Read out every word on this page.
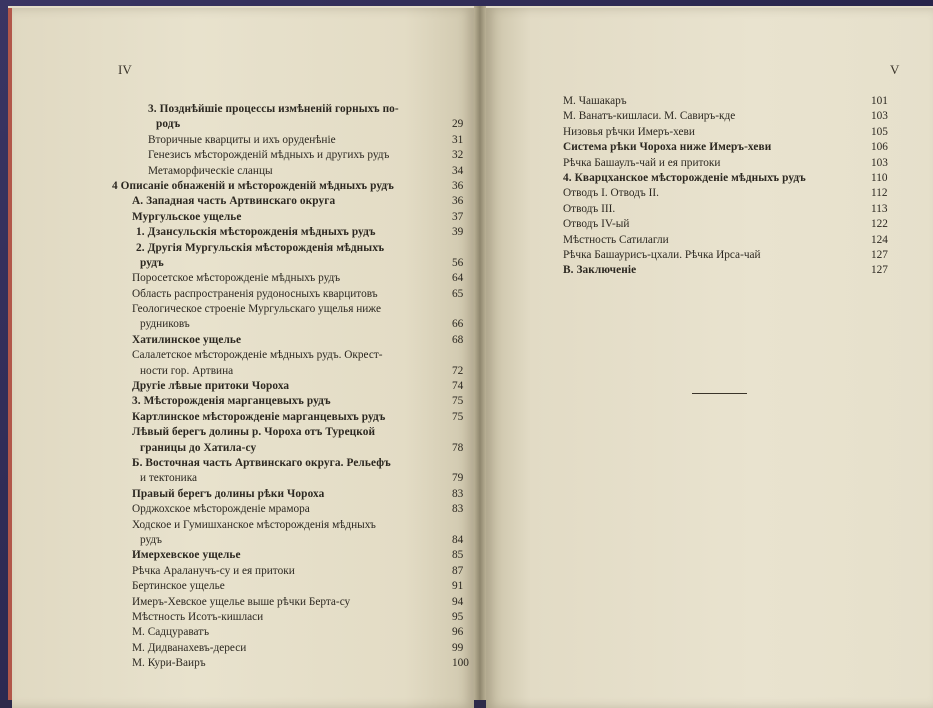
IV	V
3. Позднѣйшiе процессы измѣненiй горныхъ по-
родъ	29
Вторичные кварциты и ихъ оруденѣнiе	31
Генезисъ мѣсторожденiй мѣдныхъ и другихъ рудъ	32
Метаморфическiе сланцы	34
4 Описанiе обнаженiй и мѣсторожденiй мѣдныхъ рудъ	36
А. Западная часть Артвинскаго округа	36
Мургульское ущелье	37
1. Дзансульскiя мѣсторожденiя мѣдныхъ рудъ	39
2. Другiя Мургульскiя мѣсторожденiя мѣдныхъ
рудъ	56
Поросетское мѣсторожденiе мѣдныхъ рудъ	64
Область распространенiя рудоносныхъ кварцитовъ	65
Геологическое строенiе Мургульскаго ущелья ниже
рудниковъ	66
Хатилинское ущелье	68
Салалетское мѣсторожденiе мѣдныхъ рудъ. Окрест-
ности гор. Артвина	72
Другiе лѣвые притоки Чороха	74
3. Мѣсторожденiя марганцевыхъ рудъ	75
Картлинское мѣсторожденiе марганцевыхъ рудъ	75
Лѣвый берегъ долины р. Чороха отъ Турецкой
границы до Хатила-су	78
Б. Восточная часть Артвинскаго округа. Рельефъ
и тектоника	79
Правый берегъ долины рѣки Чороха	83
Орджохское мѣсторожденiе мрамора	83
Ходское и Гумишханское мѣсторожденiя мѣдныхъ
рудъ	84
Имерхевское ущелье	85
Рѣчка Араланучъ-су и ея притоки	87
Бертинское ущелье	91
Имеръ-Хевское ущелье выше рѣчки Берта-су	94
Мѣстность Исотъ-кишласи	95
М. Садцураватъ	96
М. Дидванахевъ-дереси	99
М. Кури-Ваиръ	100
М. Чашакаръ	101
М. Ванатъ-кишласи. М. Савиръ-кде	103
Низовья рѣчки Имеръ-хеви	105
Система рѣки Чороха ниже Имеръ-хеви	106
Рѣчка Башаулъ-чай и ея притоки	103
4. Кварцханское мѣсторожденiе мѣдныхъ рудъ	110
Отводъ I. Отводъ II.	112
Отводъ III.	113
Отводъ IV-ый	122
Мѣстность Сатилагли	124
Рѣчка Башаурисъ-цхали. Рѣчка Ирса-чай	127
В. Заключенiе	127
